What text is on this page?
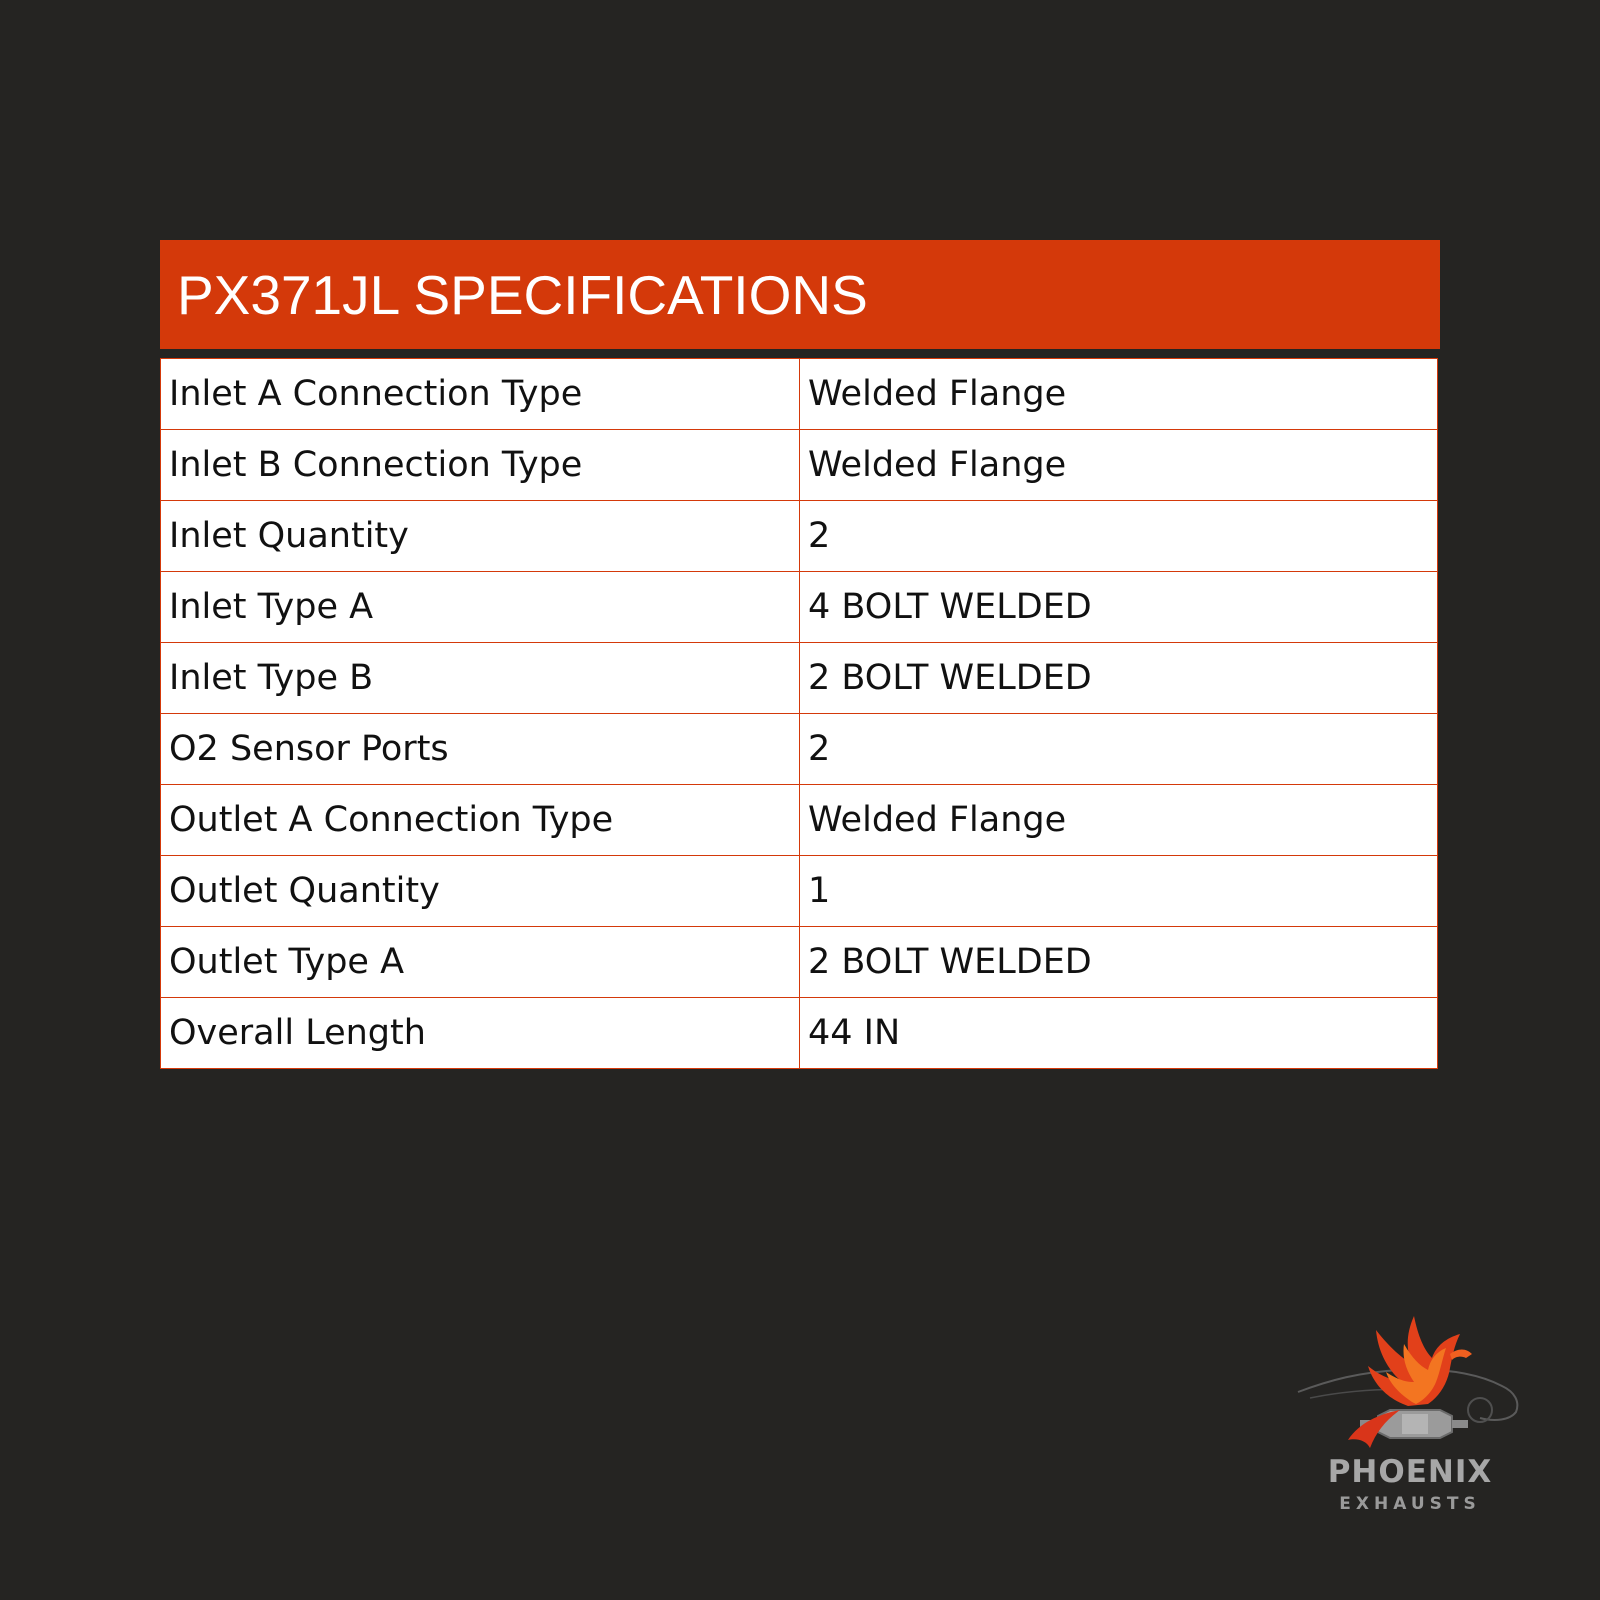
PX371JL SPECIFICATIONS
Inlet A Connection Type	Welded Flange
Inlet B Connection Type	Welded Flange
Inlet Quantity	2
Inlet Type A	4 BOLT WELDED
Inlet Type B	2 BOLT WELDED
O2 Sensor Ports	2
Outlet A Connection Type	Welded Flange
Outlet Quantity	1
Outlet Type A	2 BOLT WELDED
Overall Length	44 IN
PHOENIX
EXHAUSTS
